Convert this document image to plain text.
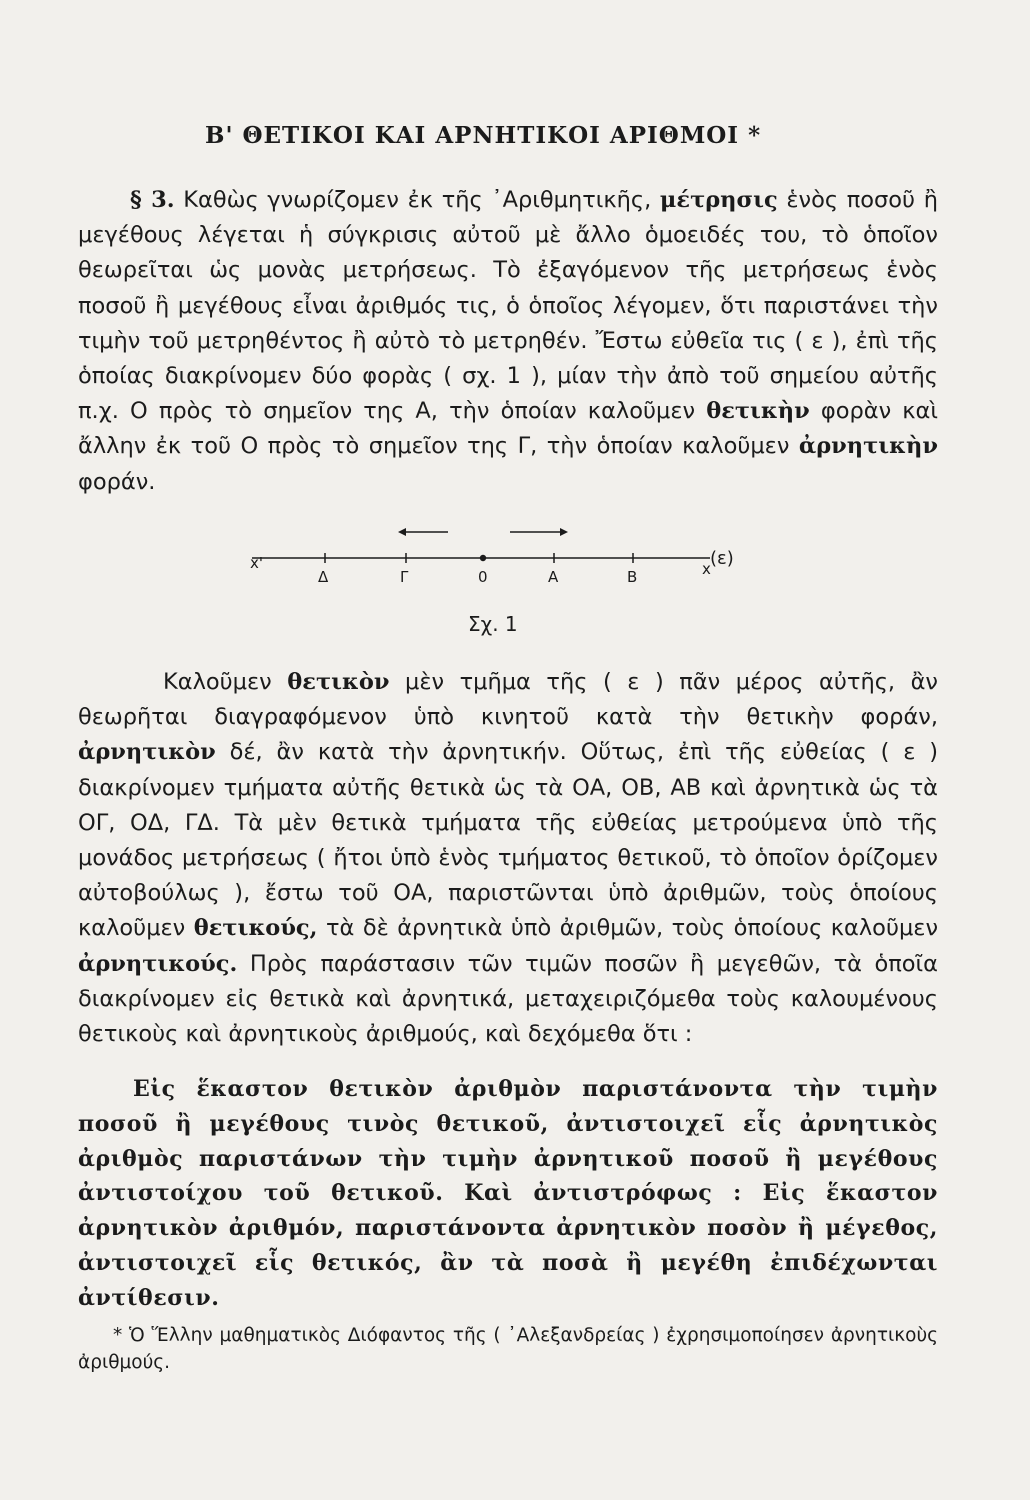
Β' ΘΕΤΙΚΟΙ ΚΑΙ ΑΡΝΗΤΙΚΟΙ ΑΡΙΘΜΟΙ *
§ 3. Καθὼς γνωρίζομεν ἐκ τῆς ᾿Αριθμητικῆς, μέτρησις ἑνὸς ποσοῦ ἢ μεγέθους λέγεται ἡ σύγκρισις αὐτοῦ μὲ ἄλλο ὁμοειδές του, τὸ ὁποῖον θεωρεῖται ὡς μονὰς μετρήσεως. Τὸ ἐξαγόμενον τῆς μετρήσεως ἑνὸς ποσοῦ ἢ μεγέθους εἶναι ἀριθμός τις, ὁ ὁποῖος λέγομεν, ὅτι παριστάνει τὴν τιμὴν τοῦ μετρηθέντος ἢ αὐτὸ τὸ μετρηθέν. Ἔστω εὐθεῖα τις ( ε ), ἐπὶ τῆς ὁποίας διακρίνομεν δύο φορὰς ( σχ. 1 ), μίαν τὴν ἀπὸ τοῦ σημείου αὐτῆς π.χ. Ο πρὸς τὸ σημεῖον της Α, τὴν ὁποίαν καλοῦμεν θετικὴν φορὰν καὶ ἄλλην ἐκ τοῦ Ο πρὸς τὸ σημεῖον της Γ, τὴν ὁποίαν καλοῦμεν ἀρνητικὴν φοράν.
x'
Δ	Γ	0	A	B	x (ε)
Σχ. 1
Καλοῦμεν θετικὸν μὲν τμῆμα τῆς ( ε ) πᾶν μέρος αὐτῆς, ἂν θεωρῆται διαγραφόμενον ὑπὸ κινητοῦ κατὰ τὴν θετικὴν φοράν, ἀρνητικὸν δέ, ἂν κατὰ τὴν ἀρνητικήν. Οὕτως, ἐπὶ τῆς εὐθείας ( ε ) διακρίνομεν τμήματα αὐτῆς θετικὰ ὡς τὰ ΟΑ, ΟΒ, ΑΒ καὶ ἀρνητικὰ ὡς τὰ ΟΓ, ΟΔ, ΓΔ. Τὰ μὲν θετικὰ τμήματα τῆς εὐθείας μετρούμενα ὑπὸ τῆς μονάδος μετρήσεως ( ἤτοι ὑπὸ ἑνὸς τμήματος θετικοῦ, τὸ ὁποῖον ὁρίζομεν αὐτοβούλως ), ἔστω τοῦ ΟΑ, παριστῶνται ὑπὸ ἀριθμῶν, τοὺς ὁποίους καλοῦμεν θετικούς, τὰ δὲ ἀρνητικὰ ὑπὸ ἀριθμῶν, τοὺς ὁποίους καλοῦμεν ἀρνητικούς. Πρὸς παράστασιν τῶν τιμῶν ποσῶν ἢ μεγεθῶν, τὰ ὁποῖα διακρίνομεν εἰς θετικὰ καὶ ἀρνητικά, μεταχειριζόμεθα τοὺς καλουμένους θετικοὺς καὶ ἀρνητικοὺς ἀριθμούς, καὶ δεχόμεθα ὅτι :
Εἰς ἕκαστον θετικὸν ἀριθμὸν παριστάνοντα τὴν τιμὴν ποσοῦ ἢ μεγέθους τινὸς θετικοῦ, ἀντιστοιχεῖ εἷς ἀρνητικὸς ἀριθμὸς παριστάνων τὴν τιμὴν ἀρνητικοῦ ποσοῦ ἢ μεγέθους ἀντιστοίχου τοῦ θετικοῦ. Καὶ ἀντιστρόφως : Εἰς ἕκαστον ἀρνητικὸν ἀριθμόν, παριστάνοντα ἀρνητικὸν ποσὸν ἢ μέγεθος, ἀντιστοιχεῖ εἷς θετικός, ἂν τὰ ποσὰ ἢ μεγέθη ἐπιδέχωνται ἀντίθεσιν.
* Ὁ Ἕλλην μαθηματικὸς Διόφαντος τῆς ( ᾿Αλεξανδρείας ) ἐχρησιμοποίησεν ἀρνητικοὺς ἀριθμούς.
